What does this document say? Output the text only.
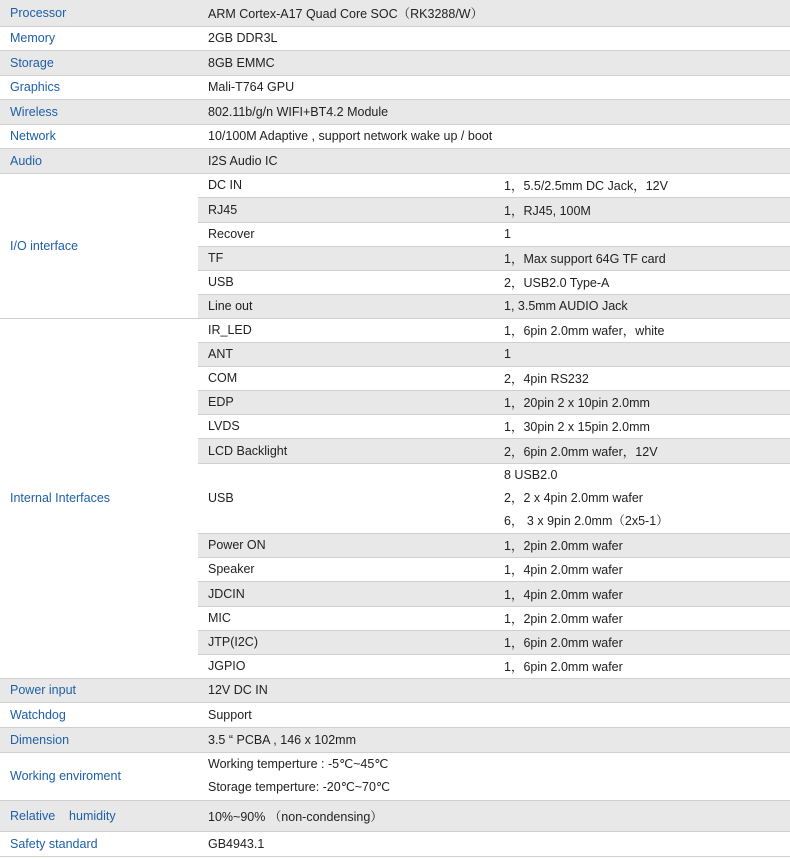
Processor	ARM Cortex-A17 Quad Core SOC（RK3288/W）	
Memory	2GB DDR3L	
Storage	8GB EMMC	
Graphics	Mali-T764 GPU	
Wireless	802.11b/g/n WIFI+BT4.2 Module	
Network	10/100M Adaptive , support network wake up / boot	
Audio	I2S Audio IC	
I/O interface	DC IN	1，5.5/2.5mm DC Jack，12V
	RJ45	1，RJ45, 100M
	Recover	1
	TF	1，Max support 64G TF card
	USB	2，USB2.0 Type-A
	Line out	1, 3.5mm AUDIO Jack
Internal Interfaces	IR_LED	1，6pin 2.0mm wafer，white
	ANT	1
	COM	2，4pin RS232
	EDP	1，20pin 2 x 10pin 2.0mm
	LVDS	1，30pin 2 x 15pin 2.0mm
	LCD Backlight	2，6pin 2.0mm wafer，12V
	USB	8 USB2.0
2，2 x 4pin 2.0mm wafer
6， 3 x 9pin 2.0mm（2x5-1）

	Power ON	1，2pin 2.0mm wafer
	Speaker	1，4pin 2.0mm wafer
	JDCIN	1，4pin 2.0mm wafer
	MIC	1，2pin 2.0mm wafer
	JTP(I2C)	1，6pin 2.0mm wafer
	JGPIO	1，6pin 2.0mm wafer
Power input	12V DC IN	
Watchdog	Support	
Dimension	3.5 “ PCBA , 146 x 102mm	
Working enviroment	Working temperture : -5℃~45℃
Storage temperture: -20℃~70℃	

Relative    humidity	10%~90% （non-condensing）	
Safety standard	GB4943.1	
